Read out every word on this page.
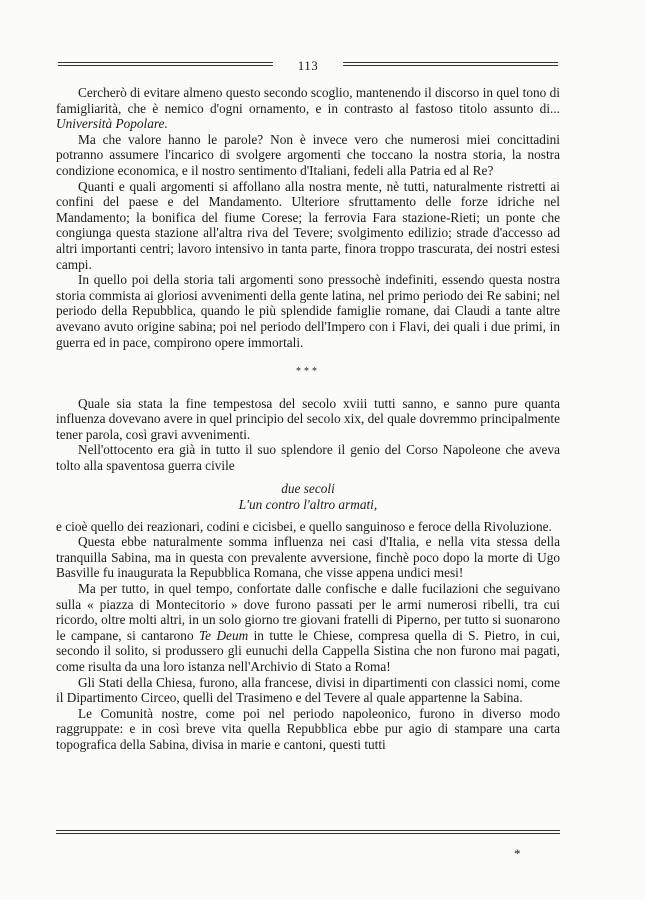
113

Cercherò di evitare almeno questo secondo scoglio, mantenendo il discorso in quel tono di famigliarità, che è nemico d'ogni ornamento, e in contrasto al fastoso titolo assunto di... Università Popolare.

Ma che valore hanno le parole? Non è invece vero che numerosi miei concittadini potranno assumere l'incarico di svolgere argomenti che toccano la nostra storia, la nostra condizione economica, e il nostro sentimento d'Italiani, fedeli alla Patria ed al Re?

Quanti e quali argomenti si affollano alla nostra mente, nè tutti, naturalmente ristretti ai confini del paese e del Mandamento. Ulteriore sfruttamento delle forze idriche nel Mandamento; la bonifica del fiume Corese; la ferrovia Fara stazione-Rieti; un ponte che congiunga questa stazione all'altra riva del Tevere; svolgimento edilizio; strade d'accesso ad altri importanti centri; lavoro intensivo in tanta parte, finora troppo trascurata, dei nostri estesi campi.

In quello poi della storia tali argomenti sono pressochè indefiniti, essendo questa nostra storia commista ai gloriosi avvenimenti della gente latina, nel primo periodo dei Re sabini; nel periodo della Repubblica, quando le più splendide famiglie romane, dai Claudi a tante altre avevano avuto origine sabina; poi nel periodo dell'Impero con i Flavi, dei quali i due primi, in guerra ed in pace, compirono opere immortali.

***

Quale sia stata la fine tempestosa del secolo xviii tutti sanno, e sanno pure quanta influenza dovevano avere in quel principio del secolo xix, del quale dovremmo principalmente tener parola, così gravi avvenimenti.

Nell'ottocento era già in tutto il suo splendore il genio del Corso Napoleone che aveva tolto alla spaventosa guerra civile

due secoli
L'un contro l'altro armati,

e cioè quello dei reazionari, codini e cicisbei, e quello sanguinoso e feroce della Rivoluzione.

Questa ebbe naturalmente somma influenza nei casi d'Italia, e nella vita stessa della tranquilla Sabina, ma in questa con prevalente avversione, finchè poco dopo la morte di Ugo Basville fu inaugurata la Repubblica Romana, che visse appena undici mesi!

Ma per tutto, in quel tempo, confortate dalle confische e dalle fucilazioni che seguivano sulla « piazza di Montecitorio » dove furono passati per le armi numerosi ribelli, tra cui ricordo, oltre molti altri, in un solo giorno tre giovani fratelli di Piperno, per tutto si suonarono le campane, si cantarono Te Deum in tutte le Chiese, compresa quella di S. Pietro, in cui, secondo il solito, si produssero gli eunuchi della Cappella Sistina che non furono mai pagati, come risulta da una loro istanza nell'Archivio di Stato a Roma!

Gli Stati della Chiesa, furono, alla francese, divisi in dipartimenti con classici nomi, come il Dipartimento Circeo, quelli del Trasimeno e del Tevere al quale appartenne la Sabina.

Le Comunità nostre, come poi nel periodo napoleonico, furono in diverso modo raggruppate: e in così breve vita quella Repubblica ebbe pur agio di stampare una carta topografica della Sabina, divisa in marie e cantoni, questi tutti

*
